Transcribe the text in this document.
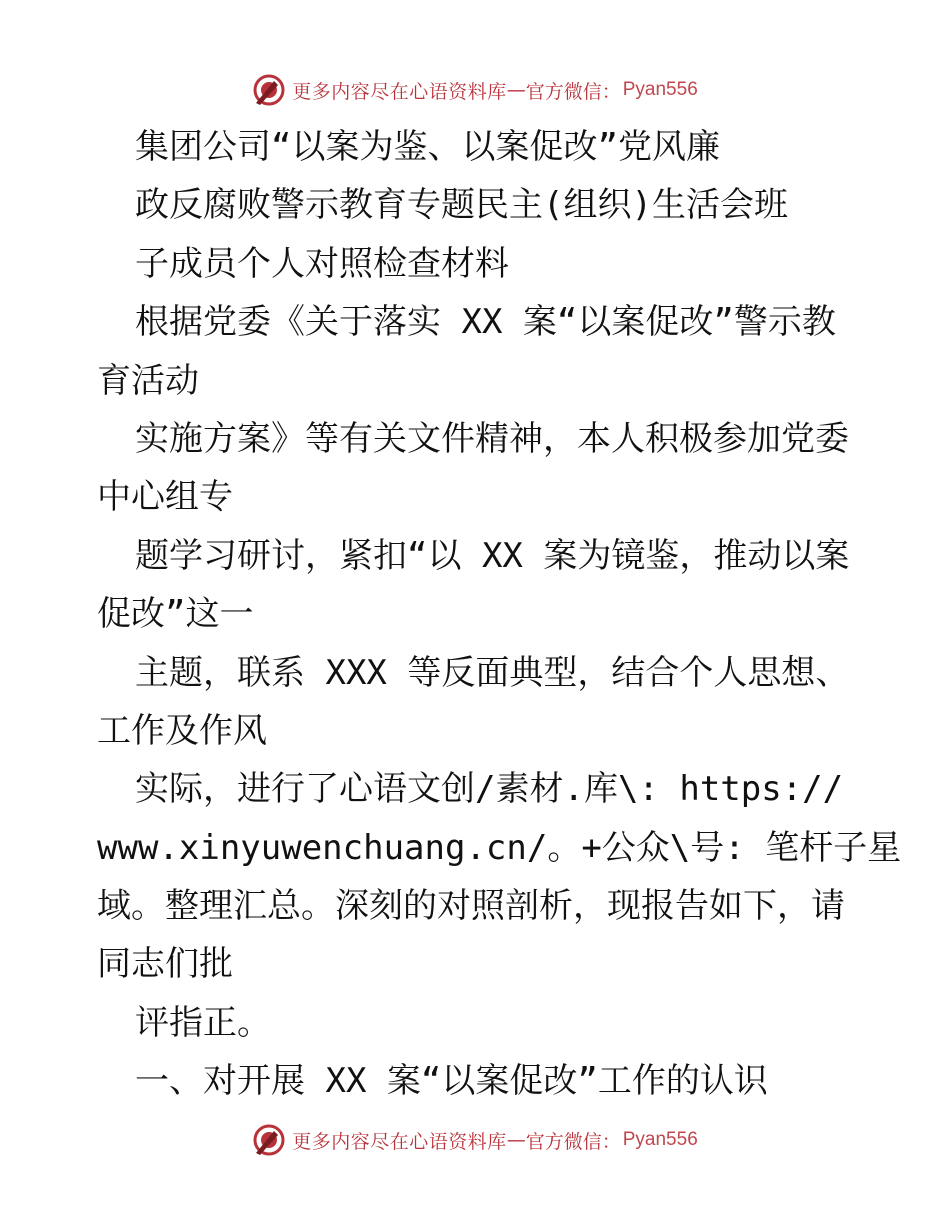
更多内容尽在心语资料库 — 官方微信： Pyan556
集团公司“以案为鉴、以案促改”党风廉
政反腐败警示教育专题民主(组织)生活会班
子成员个人对照检查材料
根据党委《关于落实 XX 案“以案促改”警示教
育活动
实施方案》等有关文件精神，本人积极参加党委
中心组专
题学习研讨，紧扣“以 XX 案为镜鉴，推动以案
促改”这一
主题，联系 XXX 等反面典型，结合个人思想、
工作及作风
实际，进行了心语文创/素材.库\: https://
www.xinyuwenchuang.cn/。+公众\号: 笔杆子星
域。整理汇总。深刻的对照剖析，现报告如下，请
同志们批
评指正。
一、对开展 XX 案“以案促改”工作的认识
更多内容尽在心语资料库 — 官方微信： Pyan556
